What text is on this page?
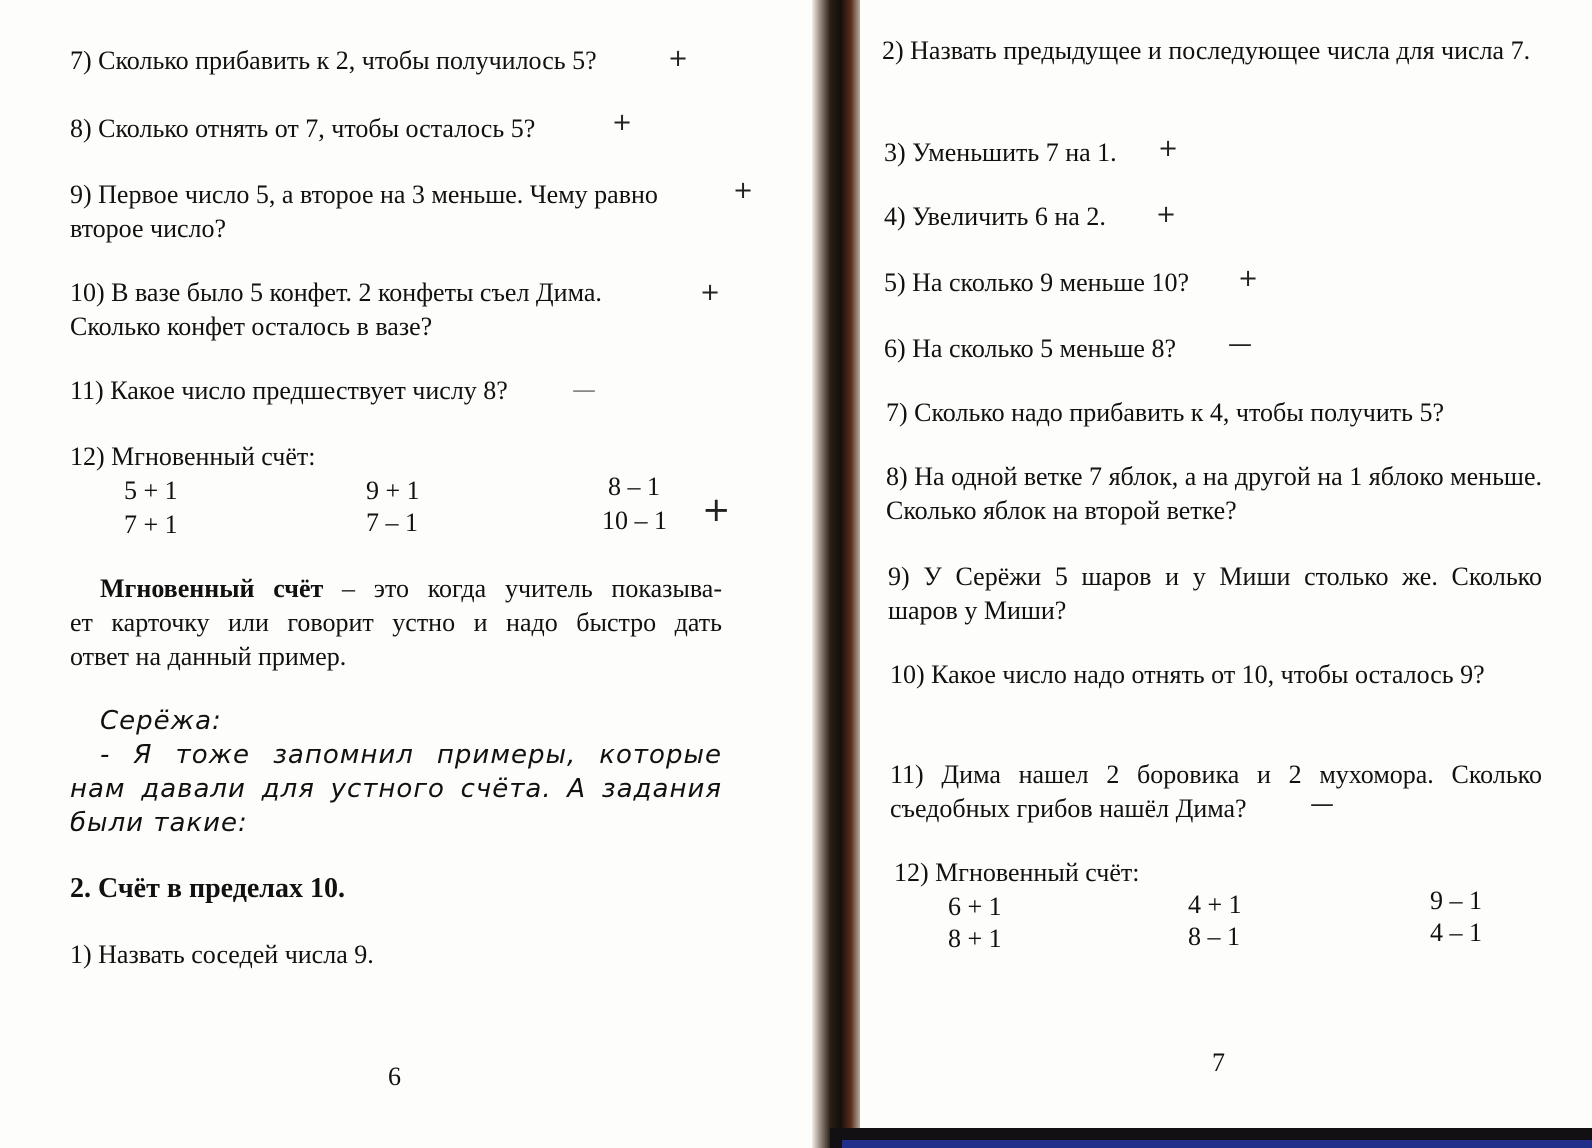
7) Сколько прибавить к 2, чтобы получилось 5?	+
8) Сколько отнять от 7, чтобы осталось 5?	+
9) Первое число 5, а второе на 3 меньше. Чему равно второе число?
+
10) В вазе было 5 конфет. 2 конфеты съел Дима. Сколько конфет осталось в вазе?
+
11) Какое число предшествует числу 8?	—
12) Мгновенный счёт:
5 + 1	9 + 1	8 – 1
7 + 1	7 – 1	10 – 1 +
Мгновенный счёт – это когда учитель показыва-
ет карточку или говорит устно и надо быстро дать
ответ на данный пример.
Серёжа:
- Я тоже запомнил примеры, которые
нам давали для устного счёта. А задания
были такие:
2. Счёт в пределах 10.
1) Назвать соседей числа 9.
6
2) Назвать предыдущее и последующее числа для числа 7.
3) Уменьшить 7 на 1. +
4) Увеличить 6 на 2. +
5) На сколько 9 меньше 10? +
6) На сколько 5 меньше 8? —
7) Сколько надо прибавить к 4, чтобы получить 5?
8) На одной ветке 7 яблок, а на другой на 1 яблоко меньше. Сколько яблок на второй ветке?
9) У Серёжи 5 шаров и у Миши столько же. Сколько шаров у Миши?
10) Какое число надо отнять от 10, чтобы осталось 9?
11) Дима нашел 2 боровика и 2 мухомора. Сколько съедобных грибов нашёл Дима?	—
12) Мгновенный счёт:
6 + 1	4 + 1	9 – 1
8 + 1	8 – 1	4 – 1
7
